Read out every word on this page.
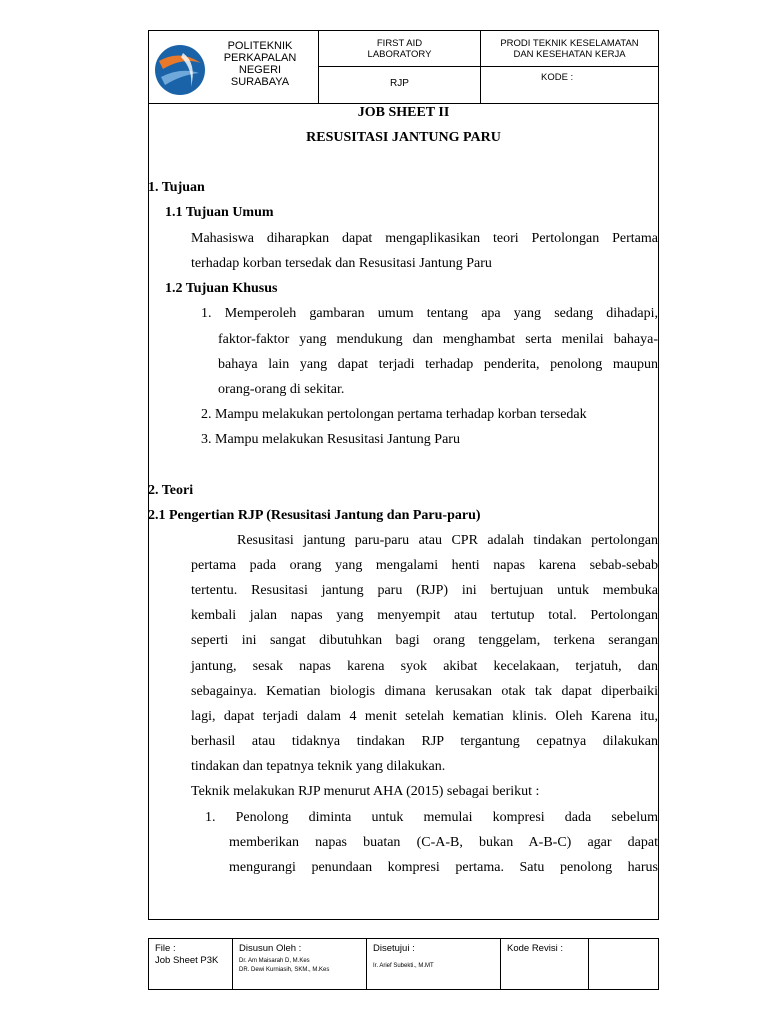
POLITEKNIK
PERKAPALAN
NEGERI
SURABAYA
FIRST AID
LABORATORY
RJP
PRODI TEKNIK KESELAMATAN
DAN KESEHATAN KERJA
KODE :
JOB SHEET II
RESUSITASI JANTUNG PARU
1. Tujuan
1.1 Tujuan Umum
Mahasiswa diharapkan dapat mengaplikasikan teori Pertolongan Pertama
terhadap korban tersedak dan Resusitasi Jantung Paru
1.2 Tujuan Khusus
1. Memperoleh gambaran umum tentang apa yang sedang dihadapi,
faktor-faktor yang mendukung dan menghambat serta menilai bahaya-
bahaya lain yang dapat terjadi terhadap penderita, penolong maupun
orang-orang di sekitar.
2. Mampu melakukan pertolongan pertama terhadap korban tersedak
3. Mampu melakukan Resusitasi Jantung Paru
2. Teori
2.1 Pengertian RJP (Resusitasi Jantung dan Paru-paru)
Resusitasi jantung paru-paru atau CPR adalah tindakan pertolongan
pertama pada orang yang mengalami henti napas karena sebab-sebab
tertentu. Resusitasi jantung paru (RJP) ini bertujuan untuk membuka
kembali jalan napas yang menyempit atau tertutup total. Pertolongan
seperti ini sangat dibutuhkan bagi orang tenggelam, terkena serangan
jantung, sesak napas karena syok akibat kecelakaan, terjatuh, dan
sebagainya. Kematian biologis dimana kerusakan otak tak dapat diperbaiki
lagi, dapat terjadi dalam 4 menit setelah kematian klinis. Oleh Karena itu,
berhasil atau tidaknya tindakan RJP tergantung cepatnya dilakukan
tindakan dan tepatnya teknik yang dilakukan.
Teknik melakukan RJP menurut AHA (2015) sebagai berikut :
1. Penolong diminta untuk memulai kompresi dada sebelum
memberikan napas buatan (C-A-B, bukan A-B-C) agar dapat
mengurangi penundaan kompresi pertama. Satu penolong harus
File :
Job Sheet P3K
Disusun Oleh :
Dr. Am Maisarah D, M.Kes
DR. Dewi Kurniasih, SKM., M.Kes
Disetujui :
Ir. Arief Subekti., M.MT
Kode Revisi :
